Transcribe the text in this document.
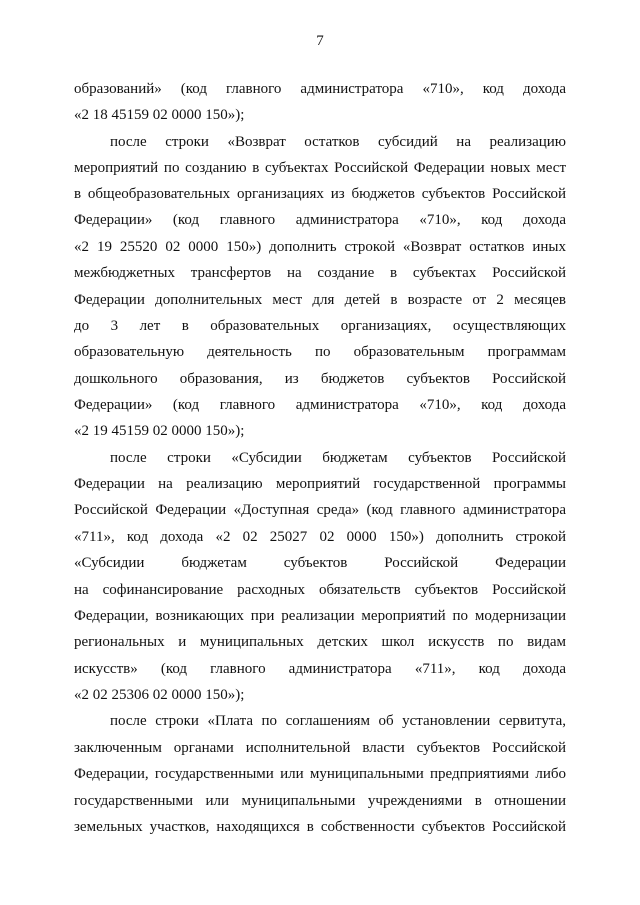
7
образований» (код главного администратора «710», код дохода
«2 18 45159 02 0000 150»);
после строки «Возврат остатков субсидий на реализацию
мероприятий по созданию в субъектах Российской Федерации новых мест
в общеобразовательных организациях из бюджетов субъектов Российской
Федерации» (код главного администратора «710», код дохода
«2 19 25520 02 0000 150») дополнить строкой «Возврат остатков иных
межбюджетных трансфертов на создание в субъектах Российской
Федерации дополнительных мест для детей в возрасте от 2 месяцев
до 3 лет в образовательных организациях, осуществляющих
образовательную деятельность по образовательным программам
дошкольного образования, из бюджетов субъектов Российской
Федерации» (код главного администратора «710», код дохода
«2 19 45159 02 0000 150»);
после строки «Субсидии бюджетам субъектов Российской
Федерации на реализацию мероприятий государственной программы
Российской Федерации «Доступная среда» (код главного администратора
«711», код дохода «2 02 25027 02 0000 150») дополнить строкой
«Субсидии бюджетам субъектов Российской Федерации
на софинансирование расходных обязательств субъектов Российской
Федерации, возникающих при реализации мероприятий по модернизации
региональных и муниципальных детских школ искусств по видам
искусств» (код главного администратора «711», код дохода
«2 02 25306 02 0000 150»);
после строки «Плата по соглашениям об установлении сервитута,
заключенным органами исполнительной власти субъектов Российской
Федерации, государственными или муниципальными предприятиями либо
государственными или муниципальными учреждениями в отношении
земельных участков, находящихся в собственности субъектов Российской
